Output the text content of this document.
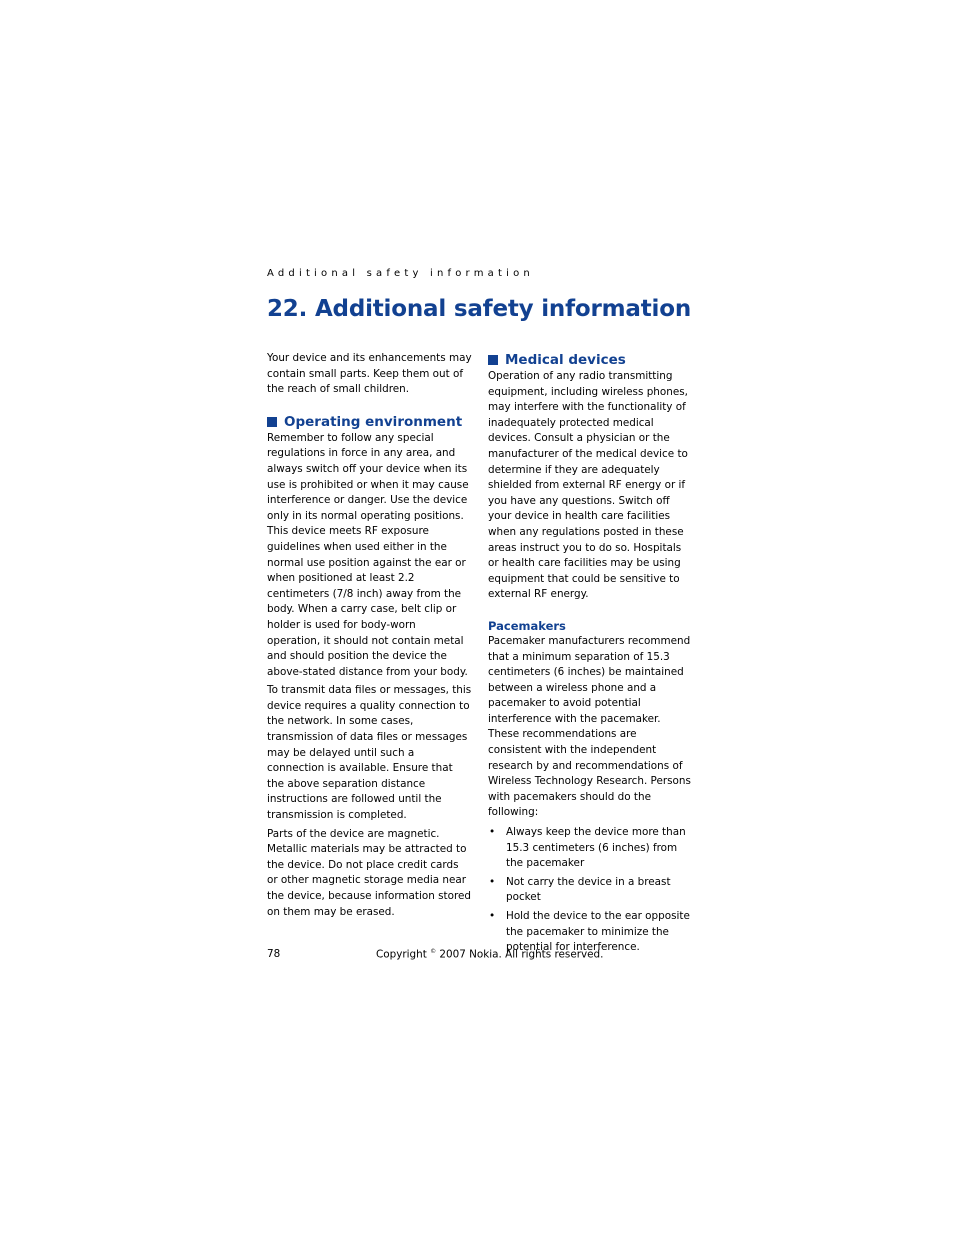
Additional safety information
22. Additional safety information

Your device and its enhancements may contain small parts. Keep them out of the reach of small children.

Operating environment

Remember to follow any special regulations in force in any area, and always switch off your device when its use is prohibited or when it may cause interference or danger. Use the device only in its normal operating positions. This device meets RF exposure guidelines when used either in the normal use position against the ear or when positioned at least 2.2 centimeters (7/8 inch) away from the body. When a carry case, belt clip or holder is used for body-worn operation, it should not contain metal and should position the device the above-stated distance from your body.

To transmit data files or messages, this device requires a quality connection to the network. In some cases, transmission of data files or messages may be delayed until such a connection is available. Ensure that the above separation distance instructions are followed until the transmission is completed.

Parts of the device are magnetic. Metallic materials may be attracted to the device. Do not place credit cards or other magnetic storage media near the device, because information stored on them may be erased.

Medical devices

Operation of any radio transmitting equipment, including wireless phones, may interfere with the functionality of inadequately protected medical devices. Consult a physician or the manufacturer of the medical device to determine if they are adequately shielded from external RF energy or if you have any questions. Switch off your device in health care facilities when any regulations posted in these areas instruct you to do so. Hospitals or health care facilities may be using equipment that could be sensitive to external RF energy.

Pacemakers

Pacemaker manufacturers recommend that a minimum separation of 15.3 centimeters (6 inches) be maintained between a wireless phone and a pacemaker to avoid potential interference with the pacemaker. These recommendations are consistent with the independent research by and recommendations of Wireless Technology Research. Persons with pacemakers should do the following:

• Always keep the device more than 15.3 centimeters (6 inches) from the pacemaker
• Not carry the device in a breast pocket
• Hold the device to the ear opposite the pacemaker to minimize the potential for interference.
78	Copyright © 2007 Nokia. All rights reserved.
